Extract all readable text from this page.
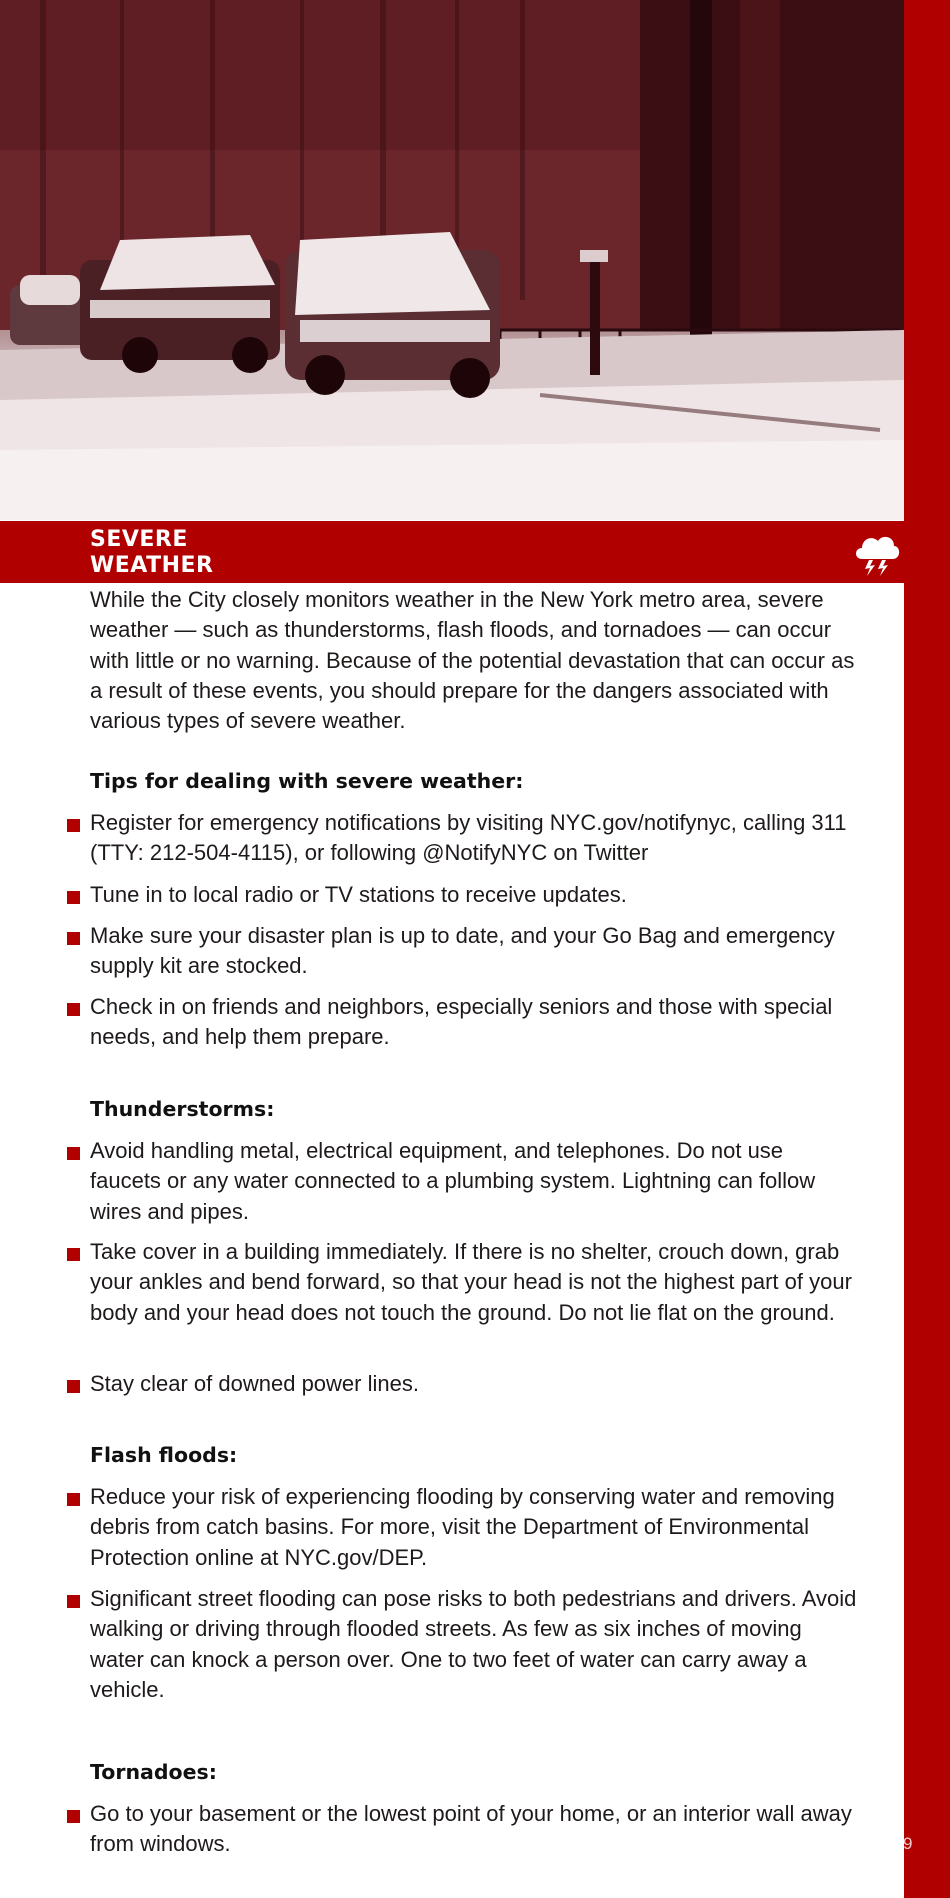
SEVERE
WEATHER
While the City closely monitors weather in the New York metro area, severe weather — such as thunderstorms, flash floods, and tornadoes — can occur with little or no warning. Because of the potential devastation that can occur as a result of these events, you should prepare for the dangers associated with various types of severe weather.
Tips for dealing with severe weather:
Register for emergency notifications by visiting NYC.gov/notifynyc, calling 311 (TTY: 212-504-4115), or following @NotifyNYC on Twitter
Tune in to local radio or TV stations to receive updates.
Make sure your disaster plan is up to date, and your Go Bag and emergency supply kit are stocked.
Check in on friends and neighbors, especially seniors and those with special needs, and help them prepare.
Thunderstorms:
Avoid handling metal, electrical equipment, and telephones. Do not use faucets or any water connected to a plumbing system. Lightning can follow wires and pipes.
Take cover in a building immediately. If there is no shelter, crouch down, grab your ankles and bend forward, so that your head is not the highest part of your body and your head does not touch the ground. Do not lie flat on the ground.
Stay clear of downed power lines.
Flash floods:
Reduce your risk of experiencing flooding by conserving water and removing debris from catch basins. For more, visit the Department of Environmental Protection online at NYC.gov/DEP.
Significant street flooding can pose risks to both pedestrians and drivers. Avoid walking or driving through flooded streets. As few as six inches of moving water can knock a person over. One to two feet of water can carry away a vehicle.
Tornadoes:
Go to your basement or the lowest point of your home, or an interior wall away from windows.	9
